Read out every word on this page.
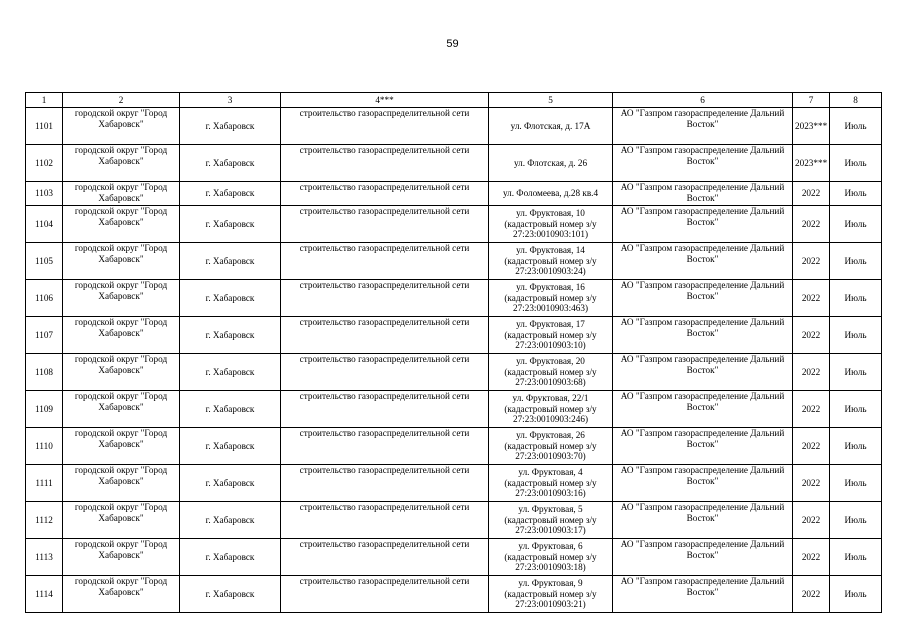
59
1	2	3	4***	5	6	7	8
1101	городской округ "Город Хабаровск"	г. Хабаровск	строительство газораспределительной сети	ул. Флотская, д. 17А	АО "Газпром газораспределение Дальний Восток"	2023***	Июль
1102	городской округ "Город Хабаровск"	г. Хабаровск	строительство газораспределительной сети	ул. Флотская, д. 26	АО "Газпром газораспределение Дальний Восток"	2023***	Июль
1103	городской округ "Город Хабаровск"	г. Хабаровск	строительство газораспределительной сети	ул. Фоломеева, д.28 кв.4	АО "Газпром газораспределение Дальний Восток"	2022	Июль
1104	городской округ "Город Хабаровск"	г. Хабаровск	строительство газораспределительной сети	ул. Фруктовая, 10 (кадастровый номер з/у 27:23:0010903:101)	АО "Газпром газораспределение Дальний Восток"	2022	Июль
1105	городской округ "Город Хабаровск"	г. Хабаровск	строительство газораспределительной сети	ул. Фруктовая, 14 (кадастровый номер з/у 27:23:0010903:24)	АО "Газпром газораспределение Дальний Восток"	2022	Июль
1106	городской округ "Город Хабаровск"	г. Хабаровск	строительство газораспределительной сети	ул. Фруктовая, 16 (кадастровый номер з/у 27:23:0010903:463)	АО "Газпром газораспределение Дальний Восток"	2022	Июль
1107	городской округ "Город Хабаровск"	г. Хабаровск	строительство газораспределительной сети	ул. Фруктовая, 17 (кадастровый номер з/у 27:23:0010903:10)	АО "Газпром газораспределение Дальний Восток"	2022	Июль
1108	городской округ "Город Хабаровск"	г. Хабаровск	строительство газораспределительной сети	ул. Фруктовая, 20 (кадастровый номер з/у 27:23:0010903:68)	АО "Газпром газораспределение Дальний Восток"	2022	Июль
1109	городской округ "Город Хабаровск"	г. Хабаровск	строительство газораспределительной сети	ул. Фруктовая, 22/1 (кадастровый номер з/у 27:23:0010903:246)	АО "Газпром газораспределение Дальний Восток"	2022	Июль
1110	городской округ "Город Хабаровск"	г. Хабаровск	строительство газораспределительной сети	ул. Фруктовая, 26 (кадастровый номер з/у 27:23:0010903:70)	АО "Газпром газораспределение Дальний Восток"	2022	Июль
1111	городской округ "Город Хабаровск"	г. Хабаровск	строительство газораспределительной сети	ул. Фруктовая, 4 (кадастровый номер з/у 27:23:0010903:16)	АО "Газпром газораспределение Дальний Восток"	2022	Июль
1112	городской округ "Город Хабаровск"	г. Хабаровск	строительство газораспределительной сети	ул. Фруктовая, 5 (кадастровый номер з/у 27:23:0010903:17)	АО "Газпром газораспределение Дальний Восток"	2022	Июль
1113	городской округ "Город Хабаровск"	г. Хабаровск	строительство газораспределительной сети	ул. Фруктовая, 6 (кадастровый номер з/у 27:23:0010903:18)	АО "Газпром газораспределение Дальний Восток"	2022	Июль
1114	городской округ "Город Хабаровск"	г. Хабаровск	строительство газораспределительной сети	ул. Фруктовая, 9 (кадастровый номер з/у 27:23:0010903:21)	АО "Газпром газораспределение Дальний Восток"	2022	Июль
